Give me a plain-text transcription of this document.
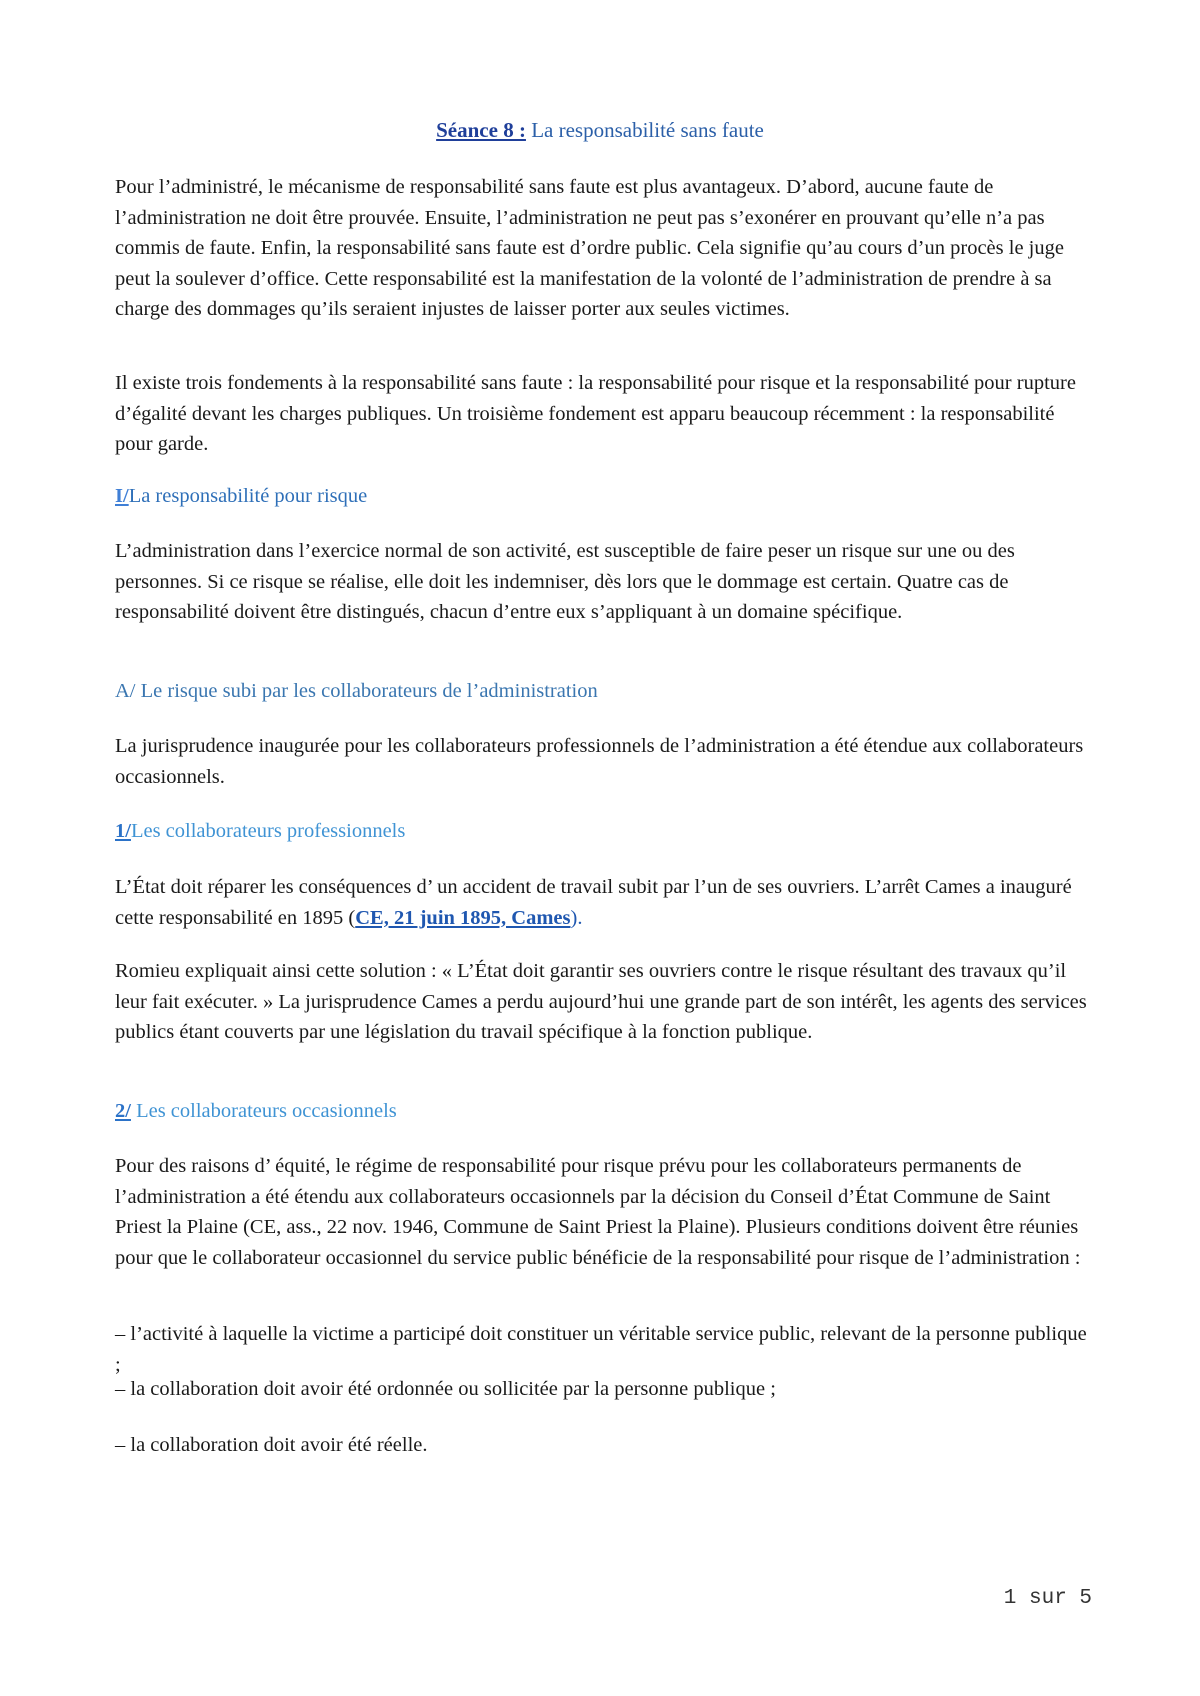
Séance 8 : La responsabilité sans faute

Pour l’administré, le mécanisme de responsabilité sans faute est plus avantageux. D’abord, aucune faute de l’administration ne doit être prouvée. Ensuite, l’administration ne peut pas s’exonérer en prouvant qu’elle n’a pas commis de faute. Enfin, la responsabilité sans faute est d’ordre public. Cela signifie qu’au cours d’un procès le juge peut la soulever d’office. Cette responsabilité est la manifestation de la volonté de l’administration de prendre à sa charge des dommages qu’ils seraient injustes de laisser porter aux seules victimes.

Il existe trois fondements à la responsabilité sans faute : la responsabilité pour risque et la responsabilité pour rupture d’égalité devant les charges publiques. Un troisième fondement est apparu beaucoup récemment : la responsabilité pour garde.

I/La responsabilité pour risque

L’administration dans l’exercice normal de son activité, est susceptible de faire peser un risque sur une ou des personnes. Si ce risque se réalise, elle doit les indemniser, dès lors que le dommage est certain. Quatre cas de responsabilité doivent être distingués, chacun d’entre eux s’appliquant à un domaine spécifique.

A/ Le risque subi par les collaborateurs de l’administration

La jurisprudence inaugurée pour les collaborateurs professionnels de l’administration a été étendue aux collaborateurs occasionnels.

1/Les collaborateurs professionnels

L’État doit réparer les conséquences d’ un accident de travail subit par l’un de ses ouvriers. L’arrêt Cames a inauguré cette responsabilité en 1895 (CE, 21 juin 1895, Cames).

Romieu expliquait ainsi cette solution : « L’État doit garantir ses ouvriers contre le risque résultant des travaux qu’il leur fait exécuter. » La jurisprudence Cames a perdu aujourd’hui une grande part de son intérêt, les agents des services publics étant couverts par une législation du travail spécifique à la fonction publique.

2/ Les collaborateurs occasionnels

Pour des raisons d’ équité, le régime de responsabilité pour risque prévu pour les collaborateurs permanents de l’administration a été étendu aux collaborateurs occasionnels par la décision du Conseil d’État Commune de Saint Priest la Plaine (CE, ass., 22 nov. 1946, Commune de Saint Priest la Plaine). Plusieurs conditions doivent être réunies pour que le collaborateur occasionnel du service public bénéficie de la responsabilité pour risque de l’administration :

– l’activité à laquelle la victime a participé doit constituer un véritable service public, relevant de la personne publique ;

– la collaboration doit avoir été ordonnée ou sollicitée par la personne publique ;

– la collaboration doit avoir été réelle.

1 sur 5
